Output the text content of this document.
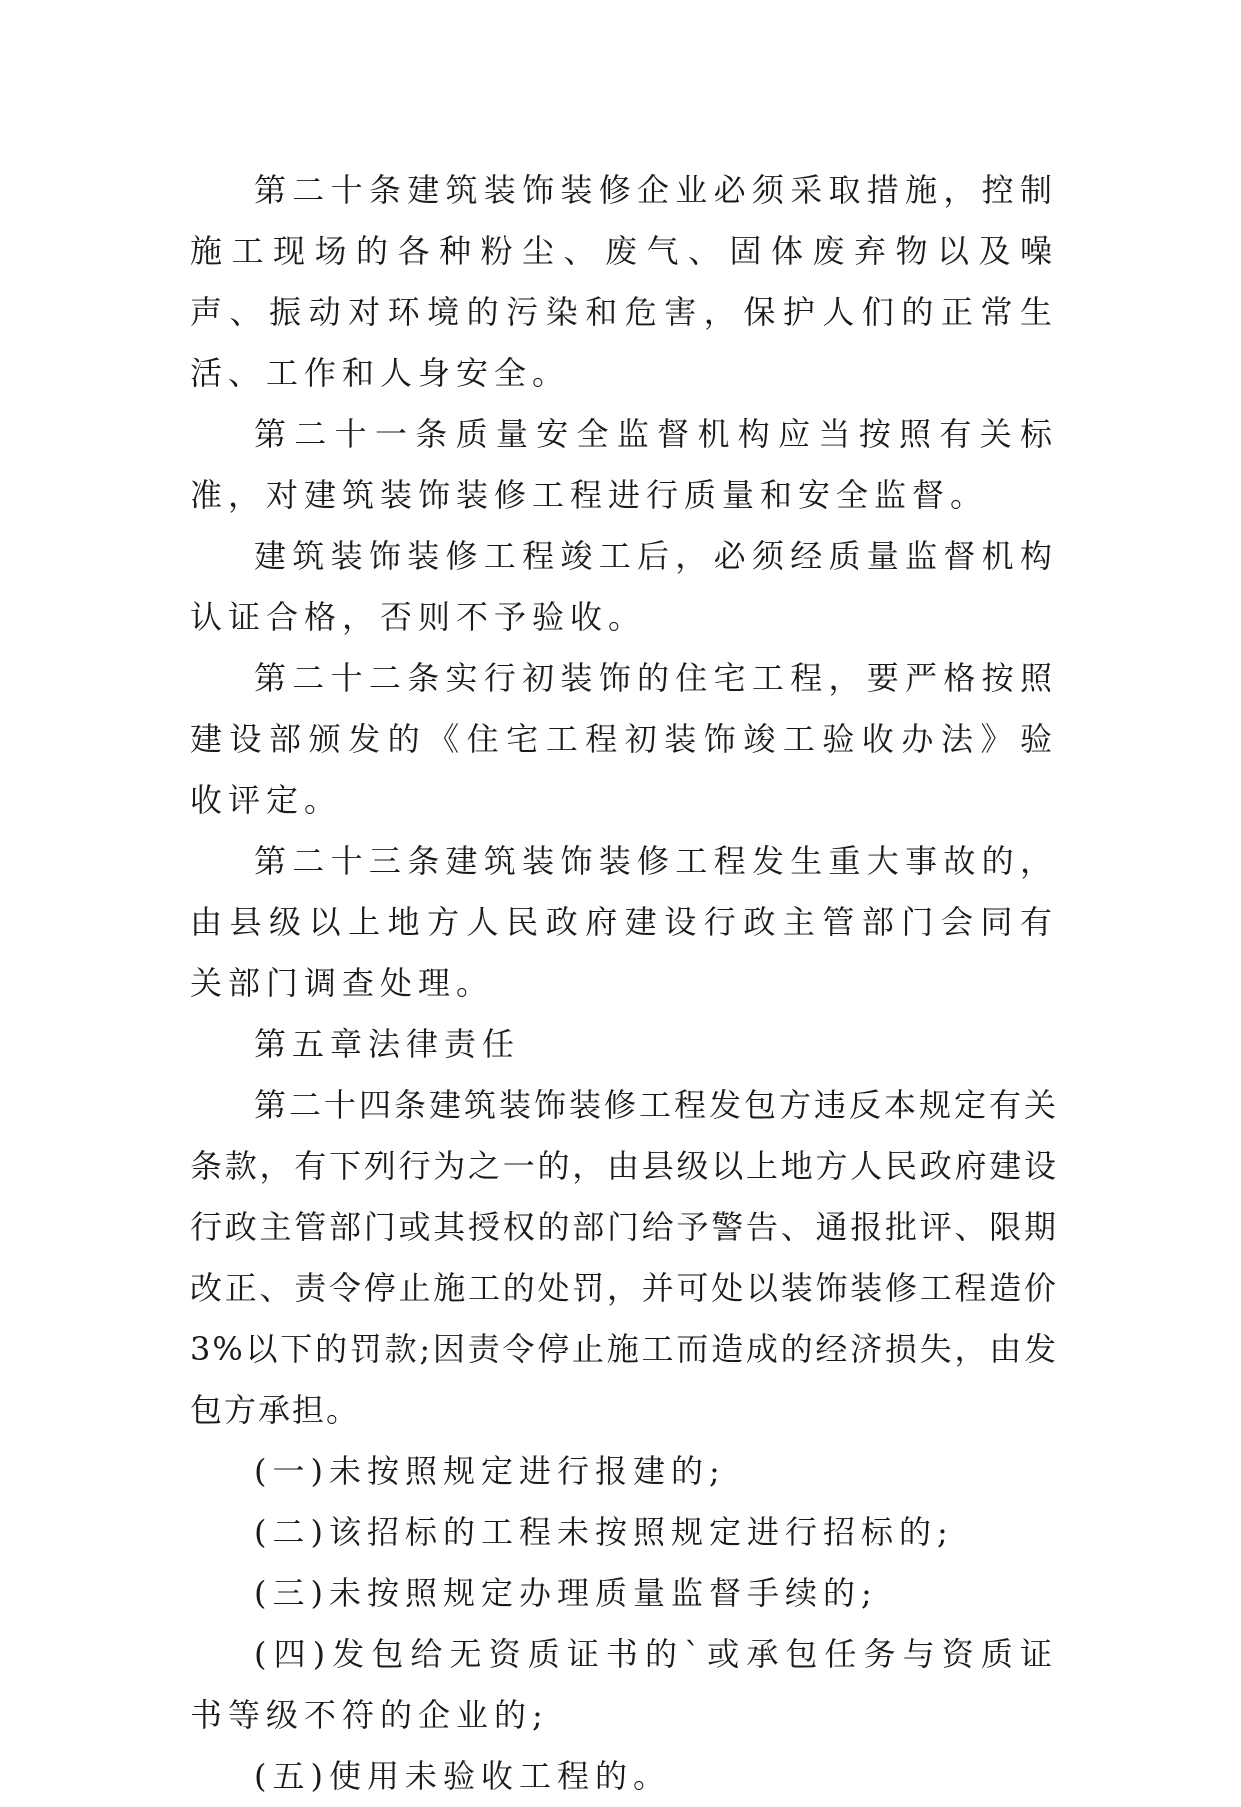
第二十条建筑装饰装修企业必须采取措施，控制施工现场的各种粉尘、废气、固体废弃物以及噪声、振动对环境的污染和危害，保护人们的正常生活、工作和人身安全。

第二十一条质量安全监督机构应当按照有关标准，对建筑装饰装修工程进行质量和安全监督。

建筑装饰装修工程竣工后，必须经质量监督机构认证合格，否则不予验收。

第二十二条实行初装饰的住宅工程，要严格按照建设部颁发的《住宅工程初装饰竣工验收办法》验收评定。

第二十三条建筑装饰装修工程发生重大事故的，由县级以上地方人民政府建设行政主管部门会同有关部门调查处理。

第五章法律责任

第二十四条建筑装饰装修工程发包方违反本规定有关条款，有下列行为之一的，由县级以上地方人民政府建设行政主管部门或其授权的部门给予警告、通报批评、限期改正、责令停止施工的处罚，并可处以装饰装修工程造价3%以下的罚款;因责令停止施工而造成的经济损失，由发包方承担。

(一)未按照规定进行报建的;

(二)该招标的工程未按照规定进行招标的;

(三)未按照规定办理质量监督手续的;

(四)发包给无资质证书的`或承包任务与资质证书等级不符的企业的;

(五)使用未验收工程的。
